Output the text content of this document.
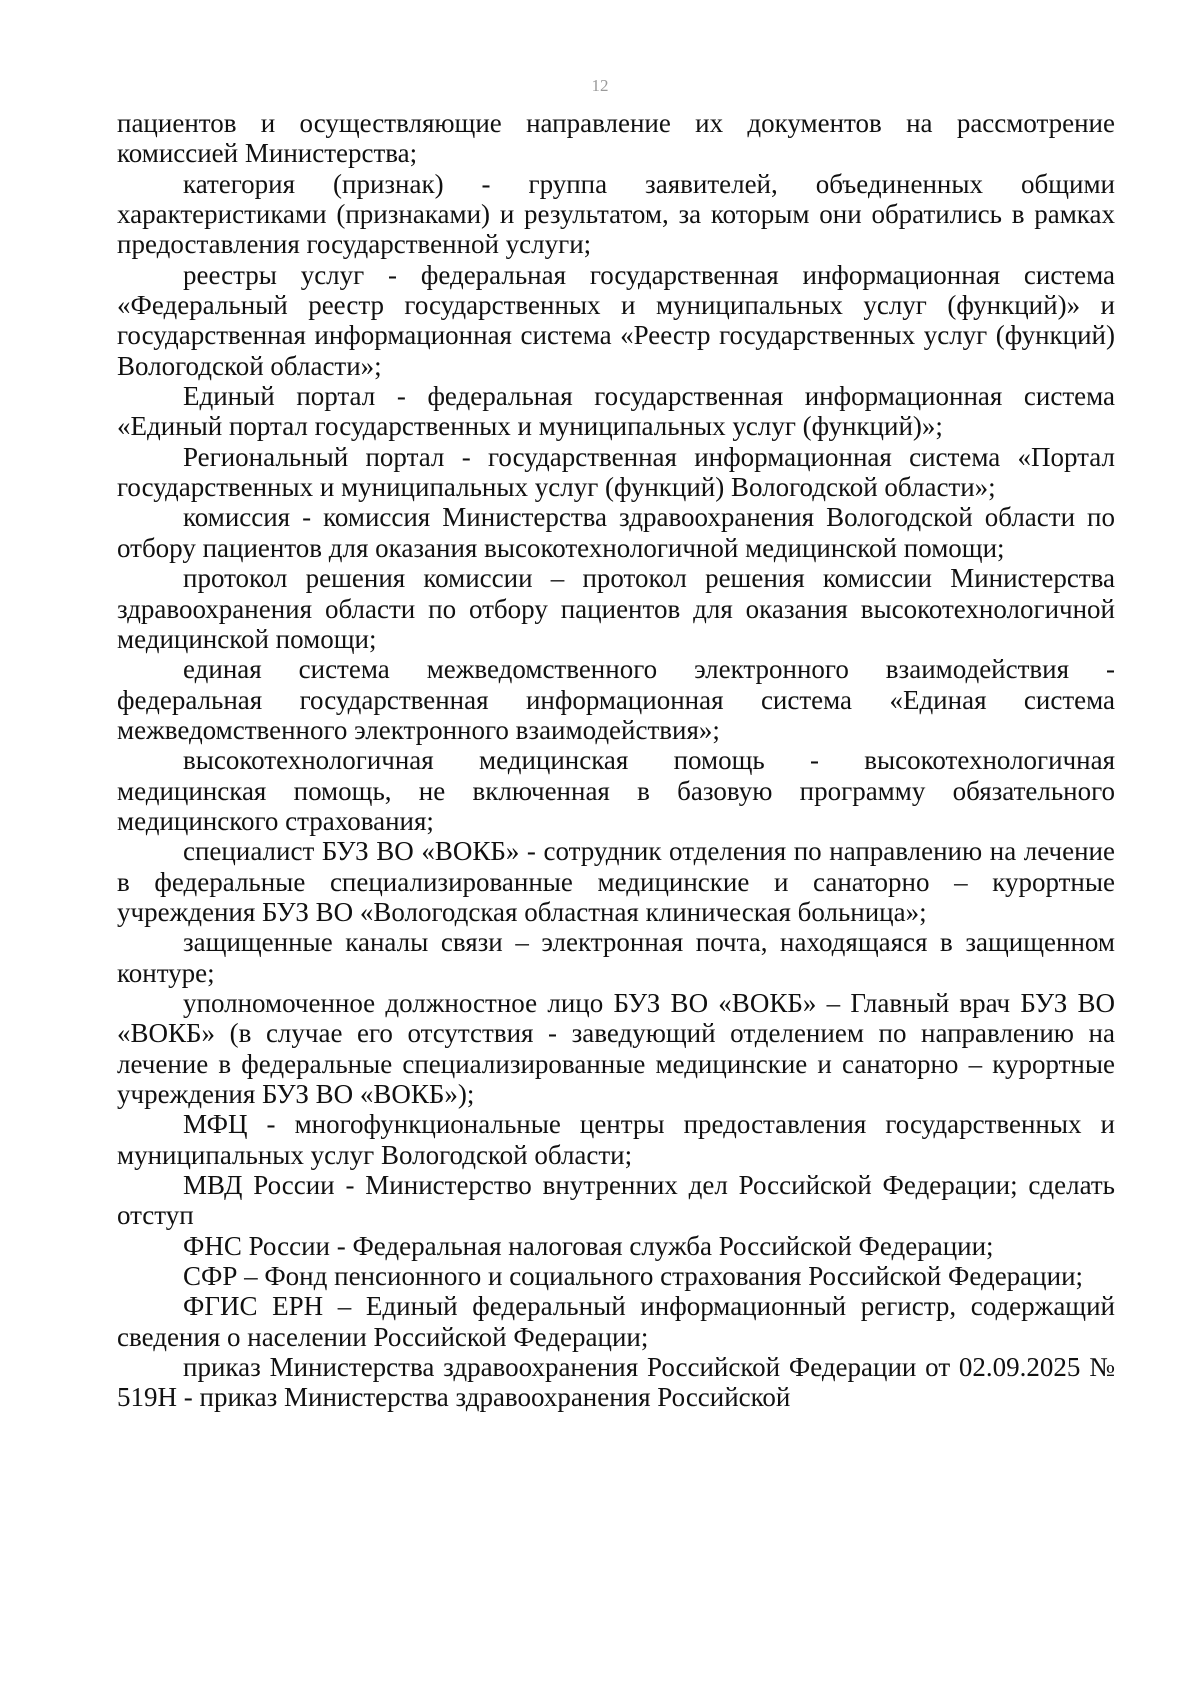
12

пациентов и осуществляющие направление их документов на рассмотрение комиссией Министерства;

категория (признак) - группа заявителей, объединенных общими характеристиками (признаками) и результатом, за которым они обратились в рамках предоставления государственной услуги;

реестры услуг - федеральная государственная информационная система «Федеральный реестр государственных и муниципальных услуг (функций)» и государственная информационная система «Реестр государственных услуг (функций) Вологодской области»;

Единый портал - федеральная государственная информационная система «Единый портал государственных и муниципальных услуг (функций)»;

Региональный портал - государственная информационная система «Портал государственных и муниципальных услуг (функций) Вологодской области»;

комиссия - комиссия Министерства здравоохранения Вологодской области по отбору пациентов для оказания высокотехнологичной медицинской помощи;

протокол решения комиссии – протокол решения комиссии Министерства здравоохранения области по отбору пациентов для оказания высокотехнологичной медицинской помощи;

единая система межведомственного электронного взаимодействия - федеральная государственная информационная система «Единая система межведомственного электронного взаимодействия»;

высокотехнологичная медицинская помощь - высокотехнологичная медицинская помощь, не включенная в базовую программу обязательного медицинского страхования;

специалист БУЗ ВО «ВОКБ» - сотрудник отделения по направлению на лечение в федеральные специализированные медицинские и санаторно – курортные учреждения БУЗ ВО «Вологодская областная клиническая больница»;

защищенные каналы связи – электронная почта, находящаяся в защищенном контуре;

уполномоченное должностное лицо БУЗ ВО «ВОКБ» – Главный врач БУЗ ВО «ВОКБ» (в случае его отсутствия - заведующий отделением по направлению на лечение в федеральные специализированные медицинские и санаторно – курортные учреждения БУЗ ВО «ВОКБ»);

МФЦ - многофункциональные центры предоставления государственных и муниципальных услуг Вологодской области;

МВД России - Министерство внутренних дел Российской Федерации; сделать отступ

ФНС России - Федеральная налоговая служба Российской Федерации;

СФР – Фонд пенсионного и социального страхования Российской Федерации;

ФГИС ЕРН – Единый федеральный информационный регистр, содержащий сведения о населении Российской Федерации;

приказ Министерства здравоохранения Российской Федерации от 02.09.2025 № 519Н - приказ Министерства здравоохранения Российской
